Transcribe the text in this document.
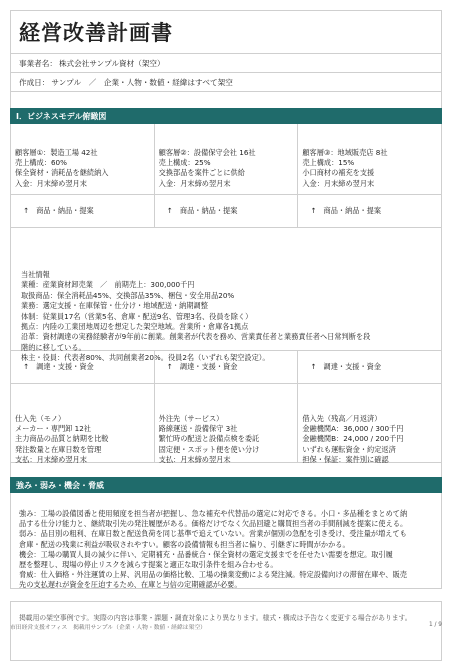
経営改善計画書
事業者名： 株式会社サンプル資材（架空）
作成日： サンプル　／　企業・人物・数値・経緯はすべて架空
Ⅰ．ビジネスモデル俯瞰図
顧客層①：製造工場 42社
売上構成：60%
保全資材・消耗品を継続納入
入金：月末締め翌月末
顧客層②：設備保守会社 16社
売上構成：25%
交換部品を案件ごとに供給
入金：月末締め翌月末
顧客層③：地域販売店 8社
売上構成：15%
小口商材の補充を支援
入金：月末締め翌月末
↑　商品・納品・提案	↑　商品・納品・提案	↑　商品・納品・提案
当社情報
業種：産業資材卸売業　／　前期売上：300,000千円
取扱商品：保全消耗品45%、交換部品35%、梱包・安全用品20%
業務：選定支援・在庫保管・仕分け・地域配送・納期調整
体制：従業員17名（営業5名、倉庫・配送9名、管理3名、役員を除く）
拠点：内陸の工業団地周辺を想定した架空地域。営業所・倉庫各1拠点
沿革：資材調達の実務経験者が9年前に創業。創業者が代表を務め、営業責任者と業務責任者へ日常判断を段
階的に移している。
株主・役員：代表者80%、共同創業者20%。役員2名（いずれも架空設定）。
↑　調達・支援・資金	↑　調達・支援・資金	↑　調達・支援・資金
仕入先（モノ）
メーカー・専門卸 12社
主力商品の品質と納期を比較
発注数量と在庫日数を管理
支払：月末締め翌月末
外注先（サービス）
路線運送・設備保守 3社
繁忙時の配送と設備点検を委託
固定便・スポット便を使い分け
支払：月末締め翌月末
借入先（残高／月返済）
金融機関A：36,000 / 300千円
金融機関B：24,000 / 200千円
いずれも運転資金・約定返済
担保・保証：案件別に確認
強み・弱み・機会・脅威
強み：工場の設備図番と使用頻度を担当者が把握し、急な補充や代替品の選定に対応できる。小口・多品種をまとめて納
品する仕分け能力と、継続取引先の発注履歴がある。価格だけでなく欠品回避と購買担当者の手間削減を提案に使える。
弱み：品目別の粗利、在庫日数と配送負荷を同じ基準で追えていない。営業が個別の急配を引き受け、受注量が増えても
倉庫・配送の残業に利益が吸収されやすい。顧客の設備情報も担当者に偏り、引継ぎに時間がかかる。
機会：工場の購買人員の減少に伴い、定期補充・品番統合・保全資材の選定支援までを任せたい需要を想定。取引履
歴を整理し、現場の停止リスクを減らす提案と適正な取引条件を組み合わせる。
脅威：仕入価格・外注運賃の上昇、汎用品の価格比較、工場の操業変動による発注減。特定設備向けの滞留在庫や、販売
先の支払遅れが資金を圧迫するため、在庫と与信の定期確認が必要。
掲載用の架空事例です。実際の内容は事業・課題・調査対象により異なります。様式・構成は予告なく変更する場合があります。
市田経営支援オフィス　掲載用サンプル（企業・人物・数値・経緯は架空）	1 / 9
